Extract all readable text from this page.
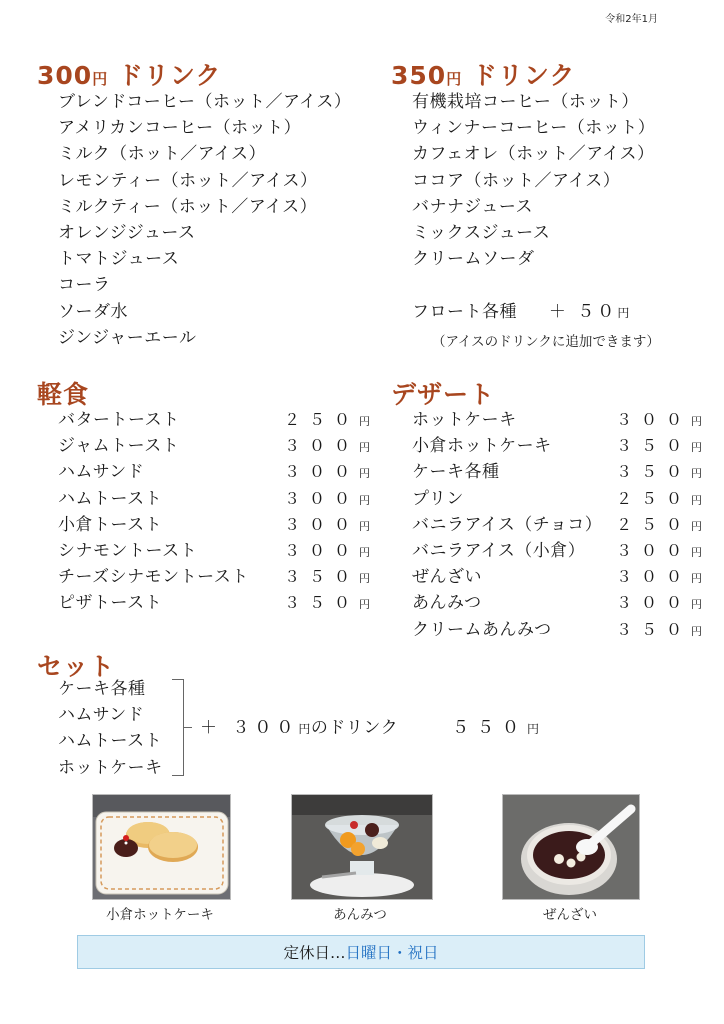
令和2年1月
300円 ドリンク
ブレンドコーヒー（ホット／アイス）
アメリカンコーヒー（ホット）
ミルク（ホット／アイス）
レモンティー（ホット／アイス）
ミルクティー（ホット／アイス）
オレンジジュース
トマトジュース
コーラ
ソーダ水
ジンジャーエール
350円 ドリンク
有機栽培コーヒー（ホット）
ウィンナーコーヒー（ホット）
カフェオレ（ホット／アイス）
ココア（ホット／アイス）
バナナジュース
ミックスジュース
クリームソーダ
フロート各種 ＋ ５０円
（アイスのドリンクに追加できます）
軽食
バタートースト	２５０円
ジャムトースト	３００円
ハムサンド	３００円
ハムトースト	３００円
小倉トースト	３００円
シナモントースト	３００円
チーズシナモントースト ３５０円
ピザトースト	３５０円
デザート
ホットケーキ	３００円
小倉ホットケーキ	３５０円
ケーキ各種	３５０円
プリン	２５０円
バニラアイス（チョコ） ２５０円
バニラアイス（小倉） ３００円
ぜんざい	３００円
あんみつ	３００円
クリームあんみつ	３５０円
セット
ケーキ各種
ハムサンド
ハムトースト
ホットケーキ
＋ ３００円のドリンク	５５０円
小倉ホットケーキ	あんみつ	ぜんざい
定休日… 日曜日・祝日
